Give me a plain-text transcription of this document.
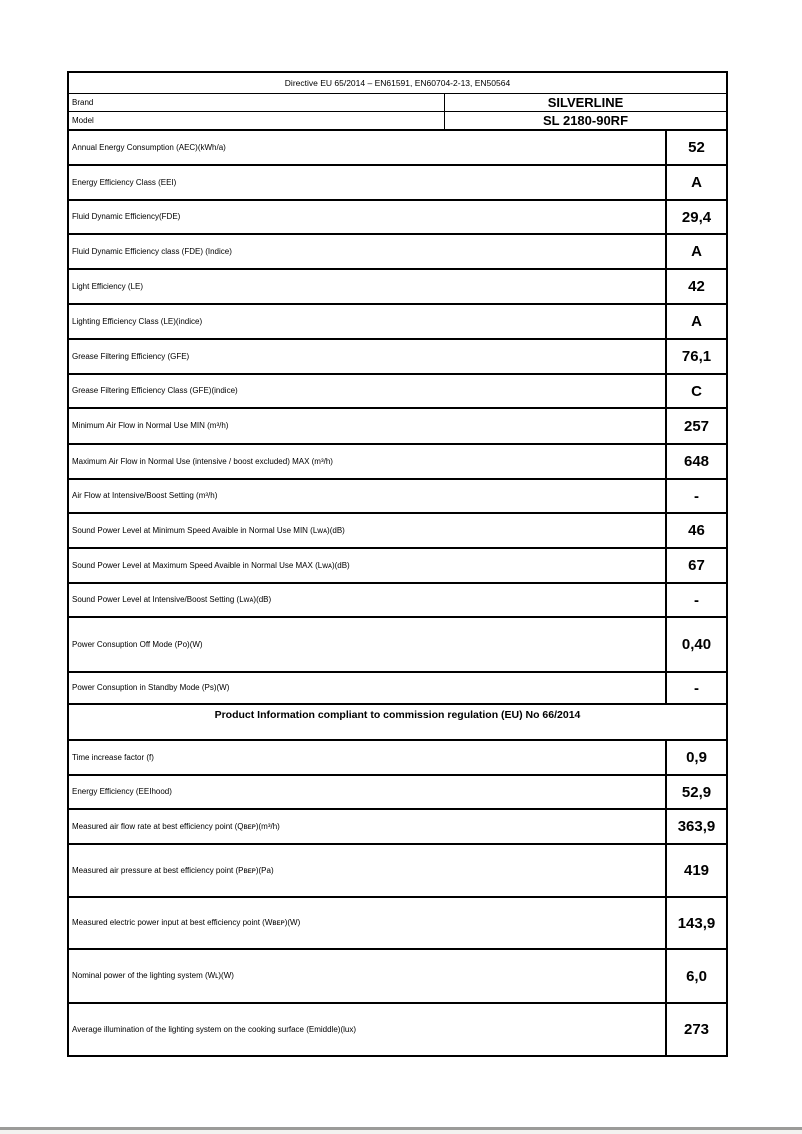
Directive EU 65/2014 – EN61591, EN60704-2-13, EN50564
Brand	SILVERLINE
Model	SL 2180-90RF
Annual Energy Consumption (AEC)(kWh/a)	52
Energy Efficiency Class (EEI)	A
Fluid Dynamic Efficiency(FDE)	29,4
Fluid Dynamic Efficiency class (FDE) (Indice)	A
Light Efficiency (LE)	42
Lighting Efficiency Class (LE)(indice)	A
Grease Filtering Efficiency (GFE)	76,1
Grease Filtering Efficiency Class (GFE)(indice)	C
Minimum Air Flow in Normal Use MIN (m³/h)	257
Maximum Air Flow in Normal Use (intensive / boost excluded) MAX (m³/h)	648
Air Flow at Intensive/Boost Setting (m³/h)	-
Sound Power Level at Minimum Speed Avaible in Normal Use MIN (Lᴡᴀ)(dB)	46
Sound Power Level at Maximum Speed Avaible in Normal Use MAX (Lᴡᴀ)(dB)	67
Sound Power Level at Intensive/Boost Setting (Lᴡᴀ)(dB)	-
Power Consuption Off Mode (Po)(W)	0,40
Power Consuption in Standby Mode (Ps)(W)	-
Product Information compliant to commission regulation (EU) No 66/2014
Time increase factor (f)	0,9
Energy Efficiency (EEIhood)	52,9
Measured air flow rate at best efficiency point (Qʙᴇᴘ)(m³/h)	363,9
Measured air pressure at best efficiency point (Pʙᴇᴘ)(Pa)	419
Measured electric power input at best efficiency point (Wʙᴇᴘ)(W)	143,9
Nominal power of the lighting system (Wʟ)(W)	6,0
Average illumination of the lighting system on the cooking surface (Emiddle)(lux)	273
